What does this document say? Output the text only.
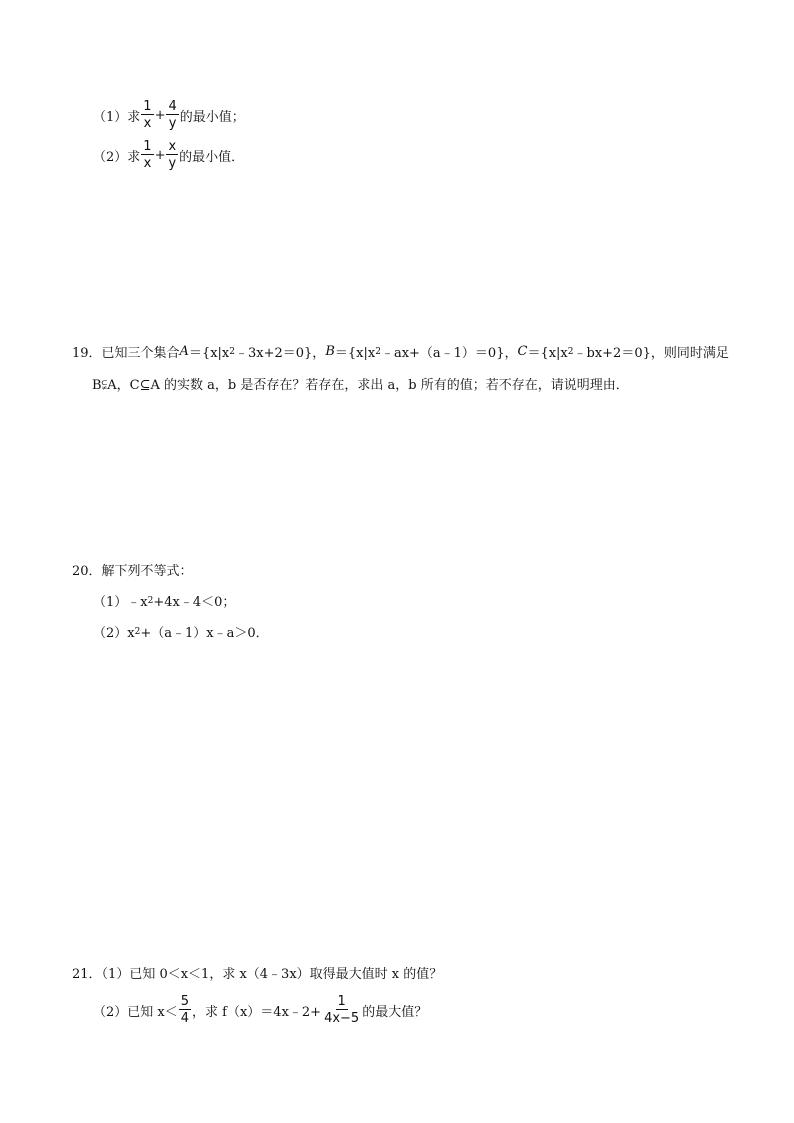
（1）求 $\frac{1}{x} + \frac{4}{y}$ 的最小值；
（2）求 $\frac{1}{x} + \frac{x}{y}$ 的最小值．
19．已知三个集合 A ＝{x|x 2 ﹣3x+2＝0}， B ＝{x|x 2 ﹣ax+（a﹣1）＝0}， C ＝{x|x 2 ﹣bx+2＝0}，则同时满足
B⫋A，C⊆A 的实数 a，b 是否存在？若存在，求出 a，b 所有的值；若不存在，请说明理由．
20．解下列不等式：
（1）﹣x 2 +4x﹣4＜0；
（2）x 2 +（a﹣1）x﹣a＞0．
21．（1）已知 0＜x＜1，求 x（4﹣3x）取得最大值时 x 的值？
（2）已知 $x< \frac{5}{4}$ ，求 f（x）＝4x﹣2+ $\frac{1}{4x-5}$ 的最大值？
